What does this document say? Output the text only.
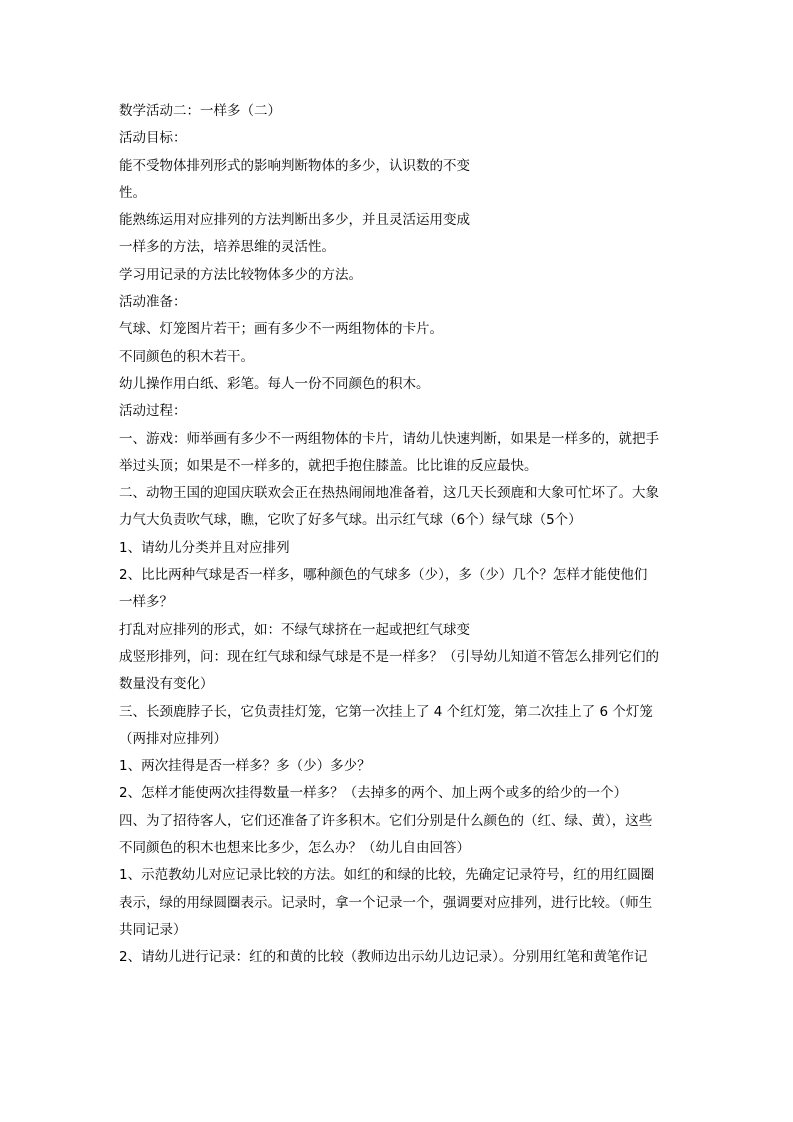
数学活动二：一样多（二）
活动目标：
能不受物体排列形式的影响判断物体的多少，认识数的不变
性。
能熟练运用对应排列的方法判断出多少，并且灵活运用变成
一样多的方法，培养思维的灵活性。
学习用记录的方法比较物体多少的方法。
活动准备：
气球、灯笼图片若干；画有多少不一两组物体的卡片。
不同颜色的积木若干。
幼儿操作用白纸、彩笔。每人一份不同颜色的积木。
活动过程：
一、游戏：师举画有多少不一两组物体的卡片，请幼儿快速判断，如果是一样多的，就把手
举过头顶；如果是不一样多的，就把手抱住膝盖。比比谁的反应最快。
二、动物王国的迎国庆联欢会正在热热闹闹地准备着，这几天长颈鹿和大象可忙坏了。大象
力气大负责吹气球，瞧，它吹了好多气球。出示红气球（6个）绿气球（5个）
1、请幼儿分类并且对应排列
2、比比两种气球是否一样多，哪种颜色的气球多（少），多（少）几个？怎样才能使他们
一样多？
打乱对应排列的形式，如：不绿气球挤在一起或把红气球变
成竖形排列，问：现在红气球和绿气球是不是一样多？（引导幼儿知道不管怎么排列它们的
数量没有变化）
三、长颈鹿脖子长，它负责挂灯笼，它第一次挂上了 4 个红灯笼，第二次挂上了 6 个灯笼
（两排对应排列）
1、两次挂得是否一样多？多（少）多少？
2、怎样才能使两次挂得数量一样多？（去掉多的两个、加上两个或多的给少的一个）
四、为了招待客人，它们还准备了许多积木。它们分别是什么颜色的（红、绿、黄），这些
不同颜色的积木也想来比多少，怎么办？（幼儿自由回答）
1、示范教幼儿对应记录比较的方法。如红的和绿的比较，先确定记录符号，红的用红圆圈
表示，绿的用绿圆圈表示。记录时，拿一个记录一个，强调要对应排列，进行比较。（师生
共同记录）
2、请幼儿进行记录：红的和黄的比较（教师边出示幼儿边记录）。分别用红笔和黄笔作记
